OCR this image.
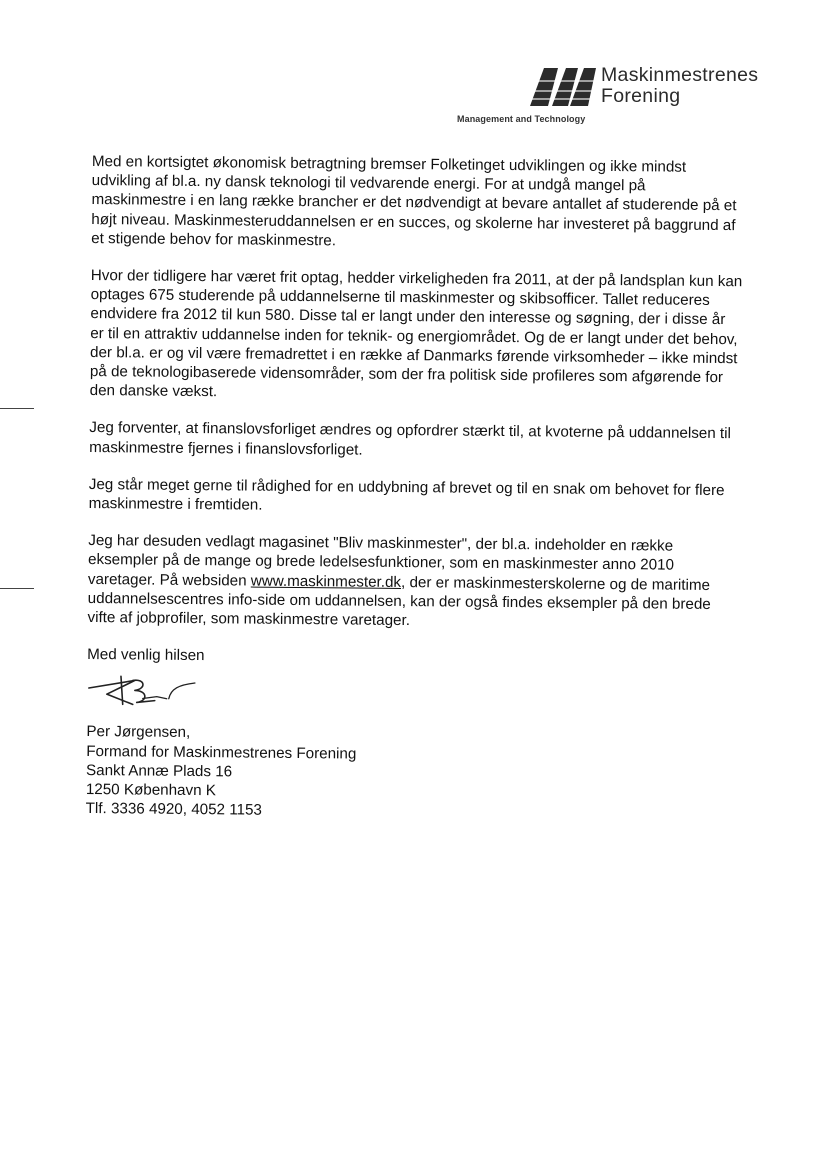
Maskinmestrenes
Forening
Management and Technology

Med en kortsigtet økonomisk betragtning bremser Folketinget udviklingen og ikke mindst udvikling af bl.a. ny dansk teknologi til vedvarende energi. For at undgå mangel på maskinmestre i en lang række brancher er det nødvendigt at bevare antallet af studerende på et højt niveau. Maskinmesteruddannelsen er en succes, og skolerne har investeret på baggrund af et stigende behov for maskinmestre.

Hvor der tidligere har været frit optag, hedder virkeligheden fra 2011, at der på landsplan kun kan optages 675 studerende på uddannelserne til maskinmester og skibsofficer. Tallet reduceres endvidere fra 2012 til kun 580. Disse tal er langt under den interesse og søgning, der i disse år er til en attraktiv uddannelse inden for teknik- og energiområdet. Og de er langt under det behov, der bl.a. er og vil være fremadrettet i en række af Danmarks førende virksomheder – ikke mindst på de teknologibaserede vidensområder, som der fra politisk side profileres som afgørende for den danske vækst.

Jeg forventer, at finanslovsforliget ændres og opfordrer stærkt til, at kvoterne på uddannelsen til maskinmestre fjernes i finanslovsforliget.

Jeg står meget gerne til rådighed for en uddybning af brevet og til en snak om behovet for flere maskinmestre i fremtiden.

Jeg har desuden vedlagt magasinet "Bliv maskinmester", der bl.a. indeholder en række eksempler på de mange og brede ledelsesfunktioner, som en maskinmester anno 2010 varetager. På websiden www.maskinmester.dk, der er maskinmesterskolerne og de maritime uddannelsescentres info-side om uddannelsen, kan der også findes eksempler på den brede vifte af jobprofiler, som maskinmestre varetager.

Med venlig hilsen

Per Jørgensen,
Formand for Maskinmestrenes Forening
Sankt Annæ Plads 16
1250 København K
Tlf. 3336 4920, 4052 1153
